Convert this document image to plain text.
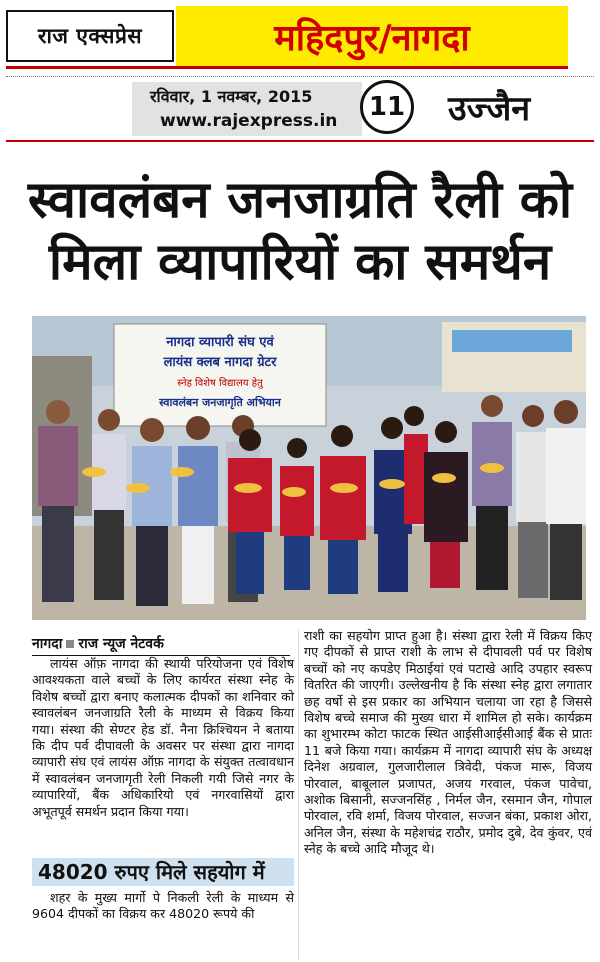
राज एक्सप्रेस	महिदपुर/नागदा
रविवार, 1 नवम्बर, 2015
www.rajexpress.in 11 उज्जैन
स्वावलंबन जनजाग्रति रैली को
मिला व्यापारियों का समर्थन
नागदा व्यापारी संघ एवं
लायंस क्लब नागदा ग्रेटर
स्नेह विशेष विद्यालय हेतु
स्वावलंबन जनजागृति अभियान
नागदा राज न्यूज नेटवर्क
लायंस ऑफ़ नागदा की स्थायी परियोजना एवं विशेष आवश्यकता वाले बच्चों के लिए कार्यरत संस्था स्नेह के विशेष बच्चों द्वारा बनाए कलात्मक दीपकों का शनिवार को स्वावलंबन जनजाग्रति रैली के माध्यम से विक्रय किया गया। संस्था की सेण्टर हेड डॉ. नैना क्रिश्चियन ने बताया कि दीप पर्व दीपावली के अवसर पर संस्था द्वारा नागदा व्यापारी संघ एवं लायंस ऑफ़ नागदा के संयुक्त तत्वावधान में स्वावलंबन जनजागृती रेली निकली गयी जिसे नगर के व्यापारियों, बैंक अधिकारियो एवं नगरवासियों द्वारा अभूतपूर्व समर्थन प्रदान किया गया।
48020 रुपए मिले सहयोग में
शहर के मुख्य मार्गो पे निकली रेली के माध्यम से 9604 दीपकों का विक्रय कर 48020 रूपये की
राशी का सहयोग प्राप्त हुआ है। संस्था द्वारा रेली में विक्रय किए गए दीपकों से प्राप्त राशी के लाभ से दीपावली पर्व पर विशेष बच्चों को नए कपडेए मिठाईयां एवं पटाखे आदि उपहार स्वरूप वितरित की जाएगी। उल्लेखनीय है कि संस्था स्नेह द्वारा लगातार छह वर्षो से इस प्रकार का अभियान चलाया जा रहा है जिससे विशेष बच्चे समाज की मुख्य धारा में शामिल हो सके। कार्यक्रम का शुभारम्भ कोटा फाटक स्थित आईसीआईसीआई बैंक से प्रातः 11 बजे किया गया। कार्यक्रम में नागदा व्यापारी संघ के अध्यक्ष दिनेश अग्रवाल, गुलजारीलाल त्रिवेदी, पंकज मारू, विजय पोरवाल, बाबूलाल प्रजापत, अजय गरवाल, पंकज पावेचा, अशोक बिसानी, सज्जनसिंह , निर्मल जैन, रसमान जैन, गोपाल पोरवाल, रवि शर्मा, विजय पोरवाल, सज्जन बंका, प्रकाश ओरा, अनिल जैन, संस्था के महेशचंद्र राठौर, प्रमोद दुबे, देव कुंवर, एवं स्नेह के बच्चे आदि मौजूद थे।
